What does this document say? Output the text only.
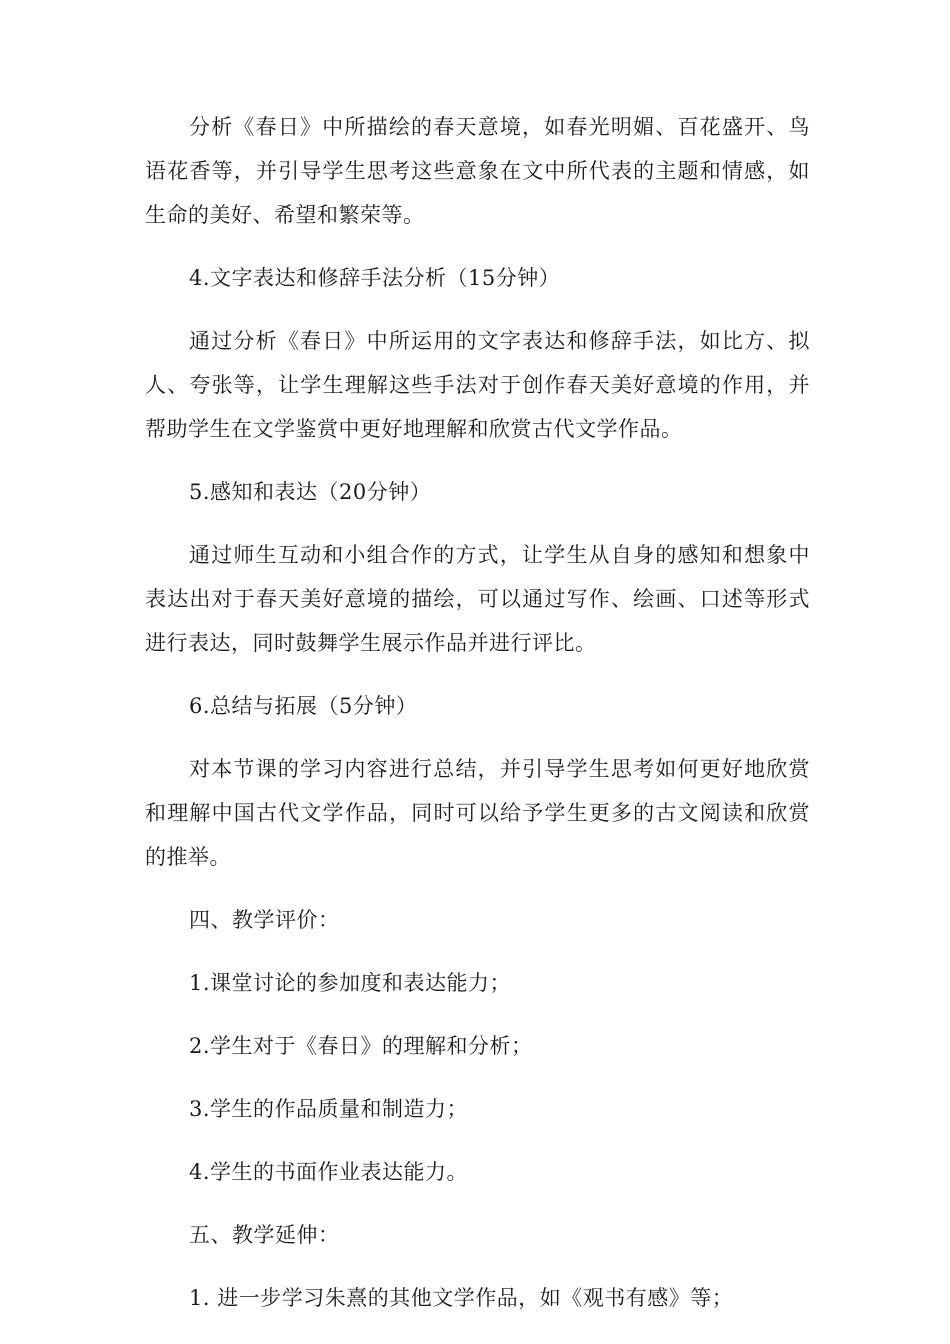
分析《春日》中所描绘的春天意境，如春光明媚、百花盛开、鸟语花香等，并引导学生思考这些意象在文中所代表的主题和情感，如生命的美好、希望和繁荣等。

4.文字表达和修辞手法分析（15分钟）

通过分析《春日》中所运用的文字表达和修辞手法，如比方、拟人、夸张等，让学生理解这些手法对于创作春天美好意境的作用，并帮助学生在文学鉴赏中更好地理解和欣赏古代文学作品。

5.感知和表达（20分钟）

通过师生互动和小组合作的方式，让学生从自身的感知和想象中表达出对于春天美好意境的描绘，可以通过写作、绘画、口述等形式进行表达，同时鼓舞学生展示作品并进行评比。

6.总结与拓展（5分钟）

对本节课的学习内容进行总结，并引导学生思考如何更好地欣赏和理解中国古代文学作品，同时可以给予学生更多的古文阅读和欣赏的推举。

四、教学评价：

1.课堂讨论的参加度和表达能力；

2.学生对于《春日》的理解和分析；

3.学生的作品质量和制造力；

4.学生的书面作业表达能力。

五、教学延伸：

1. 进一步学习朱熹的其他文学作品，如《观书有感》等；
